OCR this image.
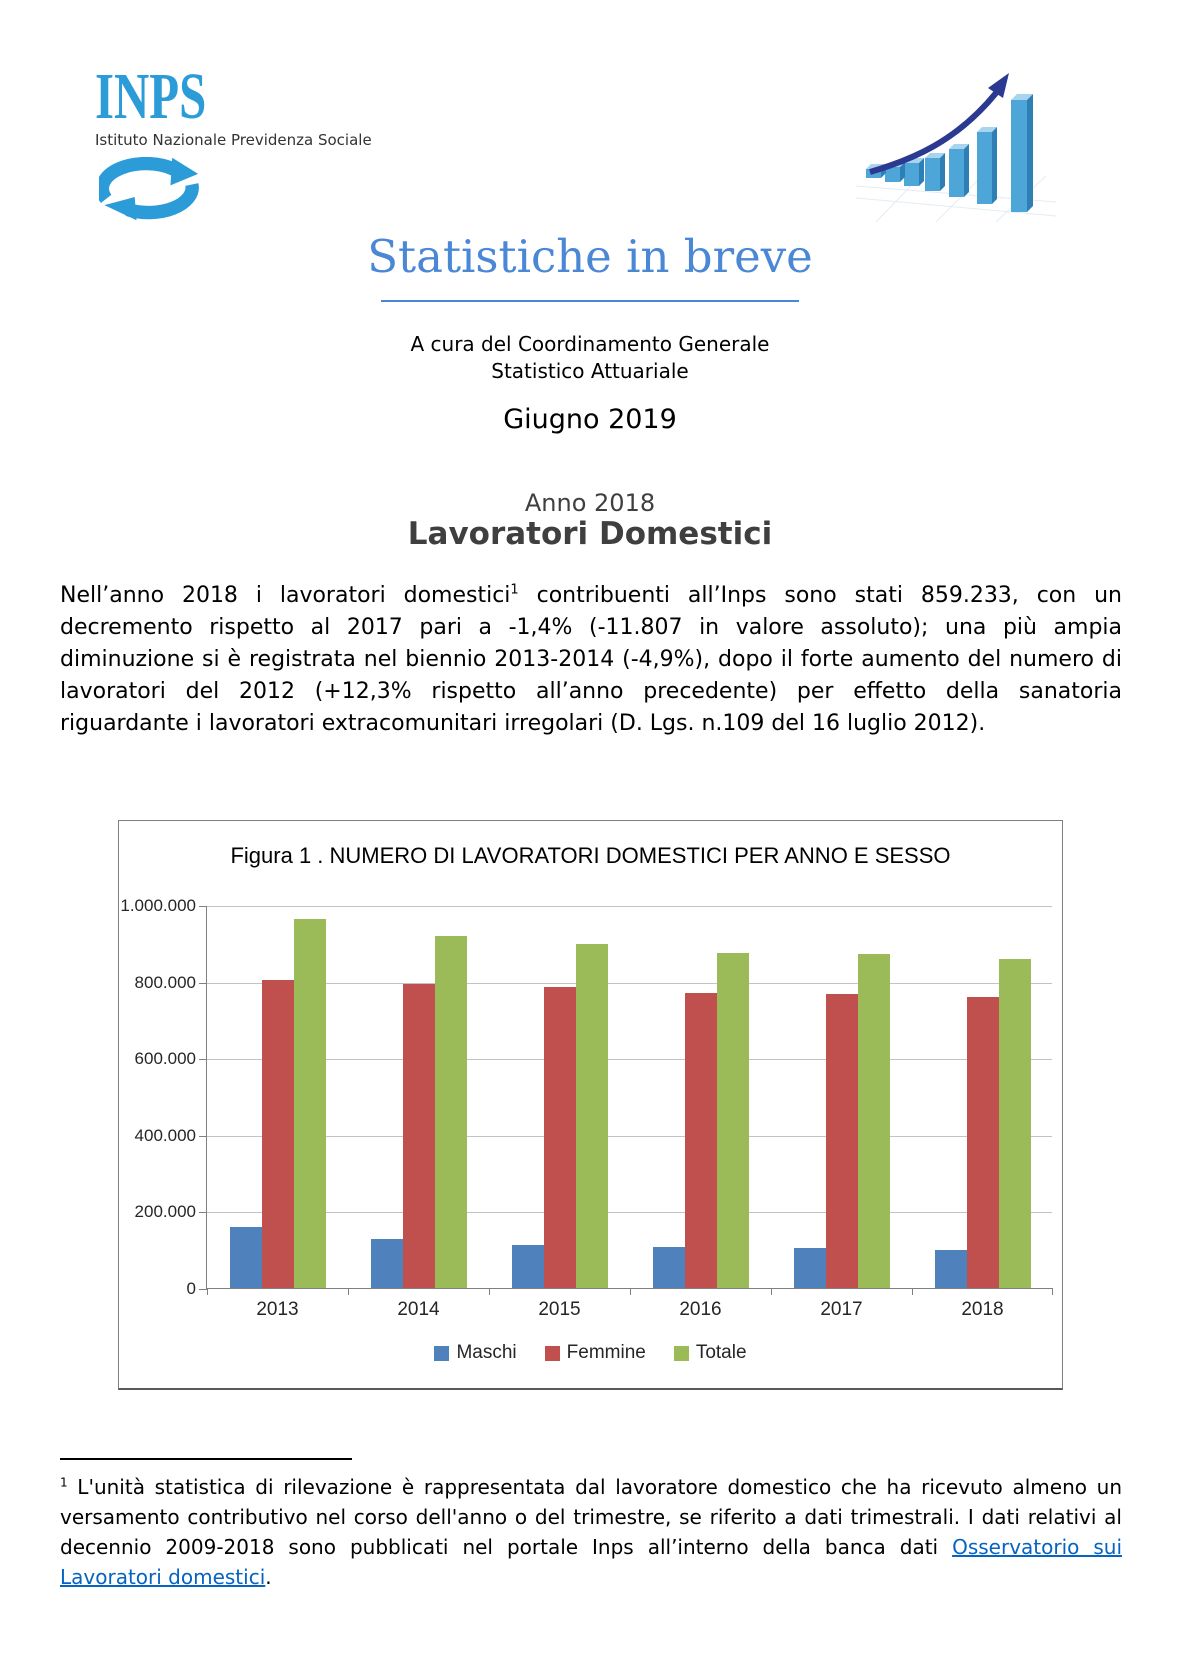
INPS
Istituto Nazionale Previdenza Sociale
Statistiche in breve
A cura del Coordinamento Generale
Statistico Attuariale
Giugno 2019
Anno 2018
Lavoratori Domestici

Nell’anno 2018 i lavoratori domestici$^1$ contribuenti all’Inps sono stati 859.233, con un decremento rispetto al 2017 pari a -1,4% (-11.807 in valore assoluto); una più ampia diminuzione si è registrata nel biennio 2013-2014 (-4,9%), dopo il forte aumento del numero di lavoratori del 2012 (+12,3% rispetto all’anno precedente) per effetto della sanatoria riguardante i lavoratori extracomunitari irregolari (D. Lgs. n.109 del 16 luglio 2012).

Figura 1 . NUMERO DI LAVORATORI DOMESTICI PER ANNO E SESSO
1.000.000
800.000
600.000
400.000
200.000
0
2013	2014	2015	2016	2017	2018
Maschi	Femmine	Totale

$^1$ L'unità statistica di rilevazione è rappresentata dal lavoratore domestico che ha ricevuto almeno un versamento contributivo nel corso dell'anno o del trimestre, se riferito a dati trimestrali. I dati relativi al decennio 2009-2018 sono pubblicati nel portale Inps all’interno della banca dati Osservatorio sui Lavoratori domestici.
